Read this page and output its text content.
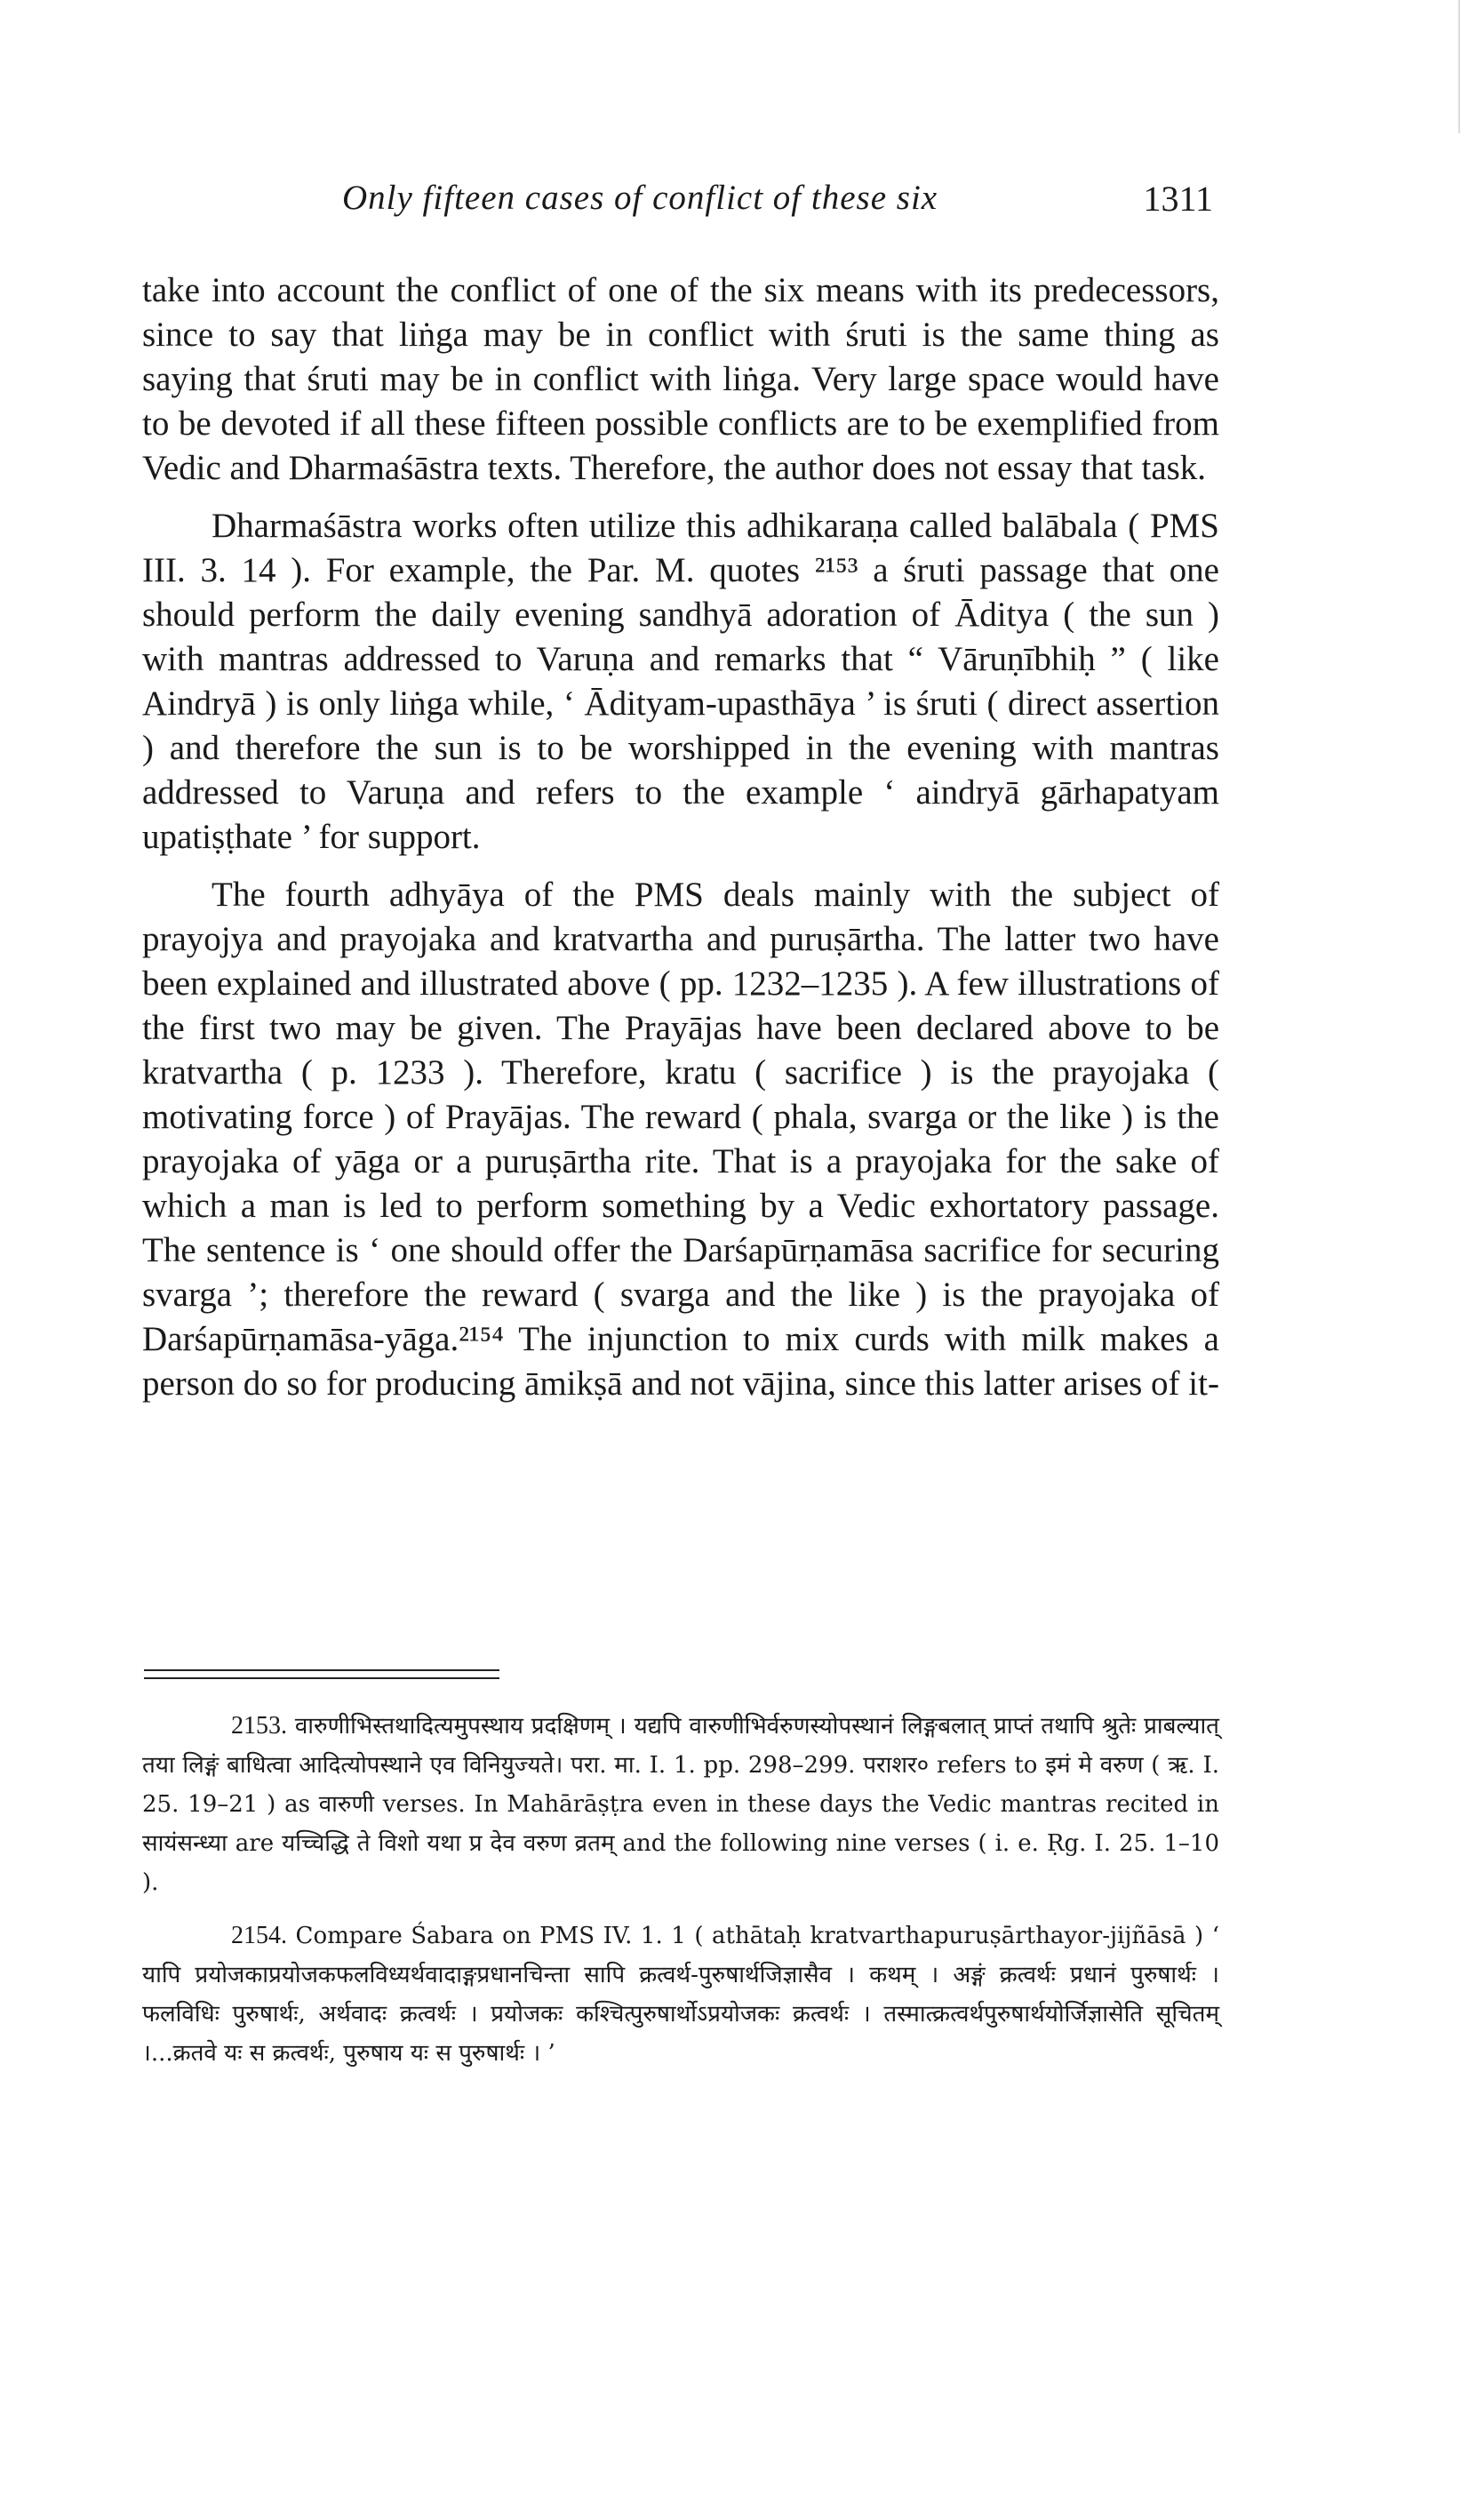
Only fifteen cases of conflict of these six	1311

take into account the conflict of one of the six means with its predecessors, since to say that liṅga may be in conflict with śruti is the same thing as saying that śruti may be in conflict with liṅga. Very large space would have to be devoted if all these fifteen possible conflicts are to be exemplified from Vedic and Dharmaśāstra texts. Therefore, the author does not essay that task.

Dharmaśāstra works often utilize this adhikaraṇa called balābala ( PMS III. 3. 14 ). For example, the Par. M. quotes ²¹⁵³ a śruti passage that one should perform the daily evening sandhyā adoration of Āditya ( the sun ) with mantras addressed to Varuṇa and remarks that “ Vāruṇībhiḥ ” ( like Aindryā ) is only liṅga while, ‘ Ādityam-upasthāya ’ is śruti ( direct assertion ) and therefore the sun is to be worshipped in the evening with mantras addressed to Varuṇa and refers to the example ‘ aindryā gārhapatyam upatiṣṭhate ’ for support.

The fourth adhyāya of the PMS deals mainly with the subject of prayojya and prayojaka and kratvartha and puruṣārtha. The latter two have been explained and illustrated above ( pp. 1232–1235 ). A few illustrations of the first two may be given. The Prayājas have been declared above to be kratvartha ( p. 1233 ). Therefore, kratu ( sacrifice ) is the prayojaka ( motivating force ) of Prayājas. The reward ( phala, svarga or the like ) is the prayojaka of yāga or a puruṣārtha rite. That is a prayojaka for the sake of which a man is led to perform something by a Vedic exhortatory passage. The sentence is ‘ one should offer the Darśapūrṇamāsa sacrifice for securing svarga ’; therefore the reward ( svarga and the like ) is the prayojaka of Darśapūrṇamāsa-yāga.²¹⁵⁴ The injunction to mix curds with milk makes a person do so for producing āmikṣā and not vājina, since this latter arises of it-

2153. वारुणीभिस्तथादित्यमुपस्थाय प्रदक्षिणम् । यद्यपि वारुणीभिर्वरुणस्योपस्थानं लिङ्गबलात् प्राप्तं तथापि श्रुतेः प्राबल्यात् तया लिङ्गं बाधित्वा आदित्योपस्थाने एव विनियुज्यते। परा. मा. I. 1. pp. 298–299. पराशर० refers to इमं मे वरुण ( ऋ. I. 25. 19–21 ) as वारुणी verses. In Mahārāṣṭra even in these days the Vedic mantras recited in सायंसन्ध्या are यच्चिद्धि ते विशो यथा प्र देव वरुण व्रतम् and the following nine verses ( i. e. Ṛg. I. 25. 1–10 ).

2154. Compare Śabara on PMS IV. 1. 1 ( athātaḥ kratvarthapuruṣārthayor-jijñāsā ) ‘ यापि प्रयोजकाप्रयोजकफलविध्यर्थवादाङ्गप्रधानचिन्ता सापि क्रत्वर्थ-पुरुषार्थजिज्ञासैव । कथम् । अङ्गं क्रत्वर्थः प्रधानं पुरुषार्थः । फलविधिः पुरुषार्थः, अर्थवादः क्रत्वर्थः । प्रयोजकः कश्चित्पुरुषार्थोऽप्रयोजकः क्रत्वर्थः । तस्मात्क्रत्वर्थपुरुषार्थयोर्जिज्ञासेति सूचितम् ।...क्रतवे यः स क्रत्वर्थः, पुरुषाय यः स पुरुषार्थः । ’
